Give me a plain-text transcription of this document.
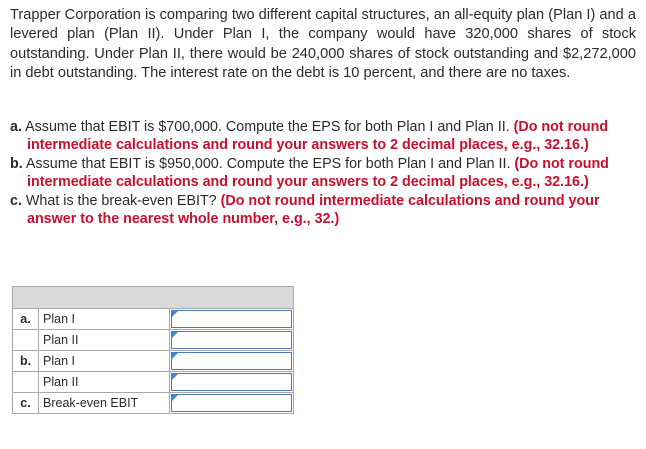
Trapper Corporation is comparing two different capital structures, an all-equity plan (Plan I) and a levered plan (Plan II). Under Plan I, the company would have 320,000 shares of stock outstanding. Under Plan II, there would be 240,000 shares of stock outstanding and $2,272,000 in debt outstanding. The interest rate on the debt is 10 percent, and there are no taxes.
a. Assume that EBIT is $700,000. Compute the EPS for both Plan I and Plan II. (Do not round intermediate calculations and round your answers to 2 decimal places, e.g., 32.16.)
b. Assume that EBIT is $950,000. Compute the EPS for both Plan I and Plan II. (Do not round intermediate calculations and round your answers to 2 decimal places, e.g., 32.16.)
c. What is the break-even EBIT? (Do not round intermediate calculations and round your answer to the nearest whole number, e.g., 32.)

a.	Plan I	

	Plan II	

b.	Plan I	

	Plan II	

c.	Break-even EBIT	
